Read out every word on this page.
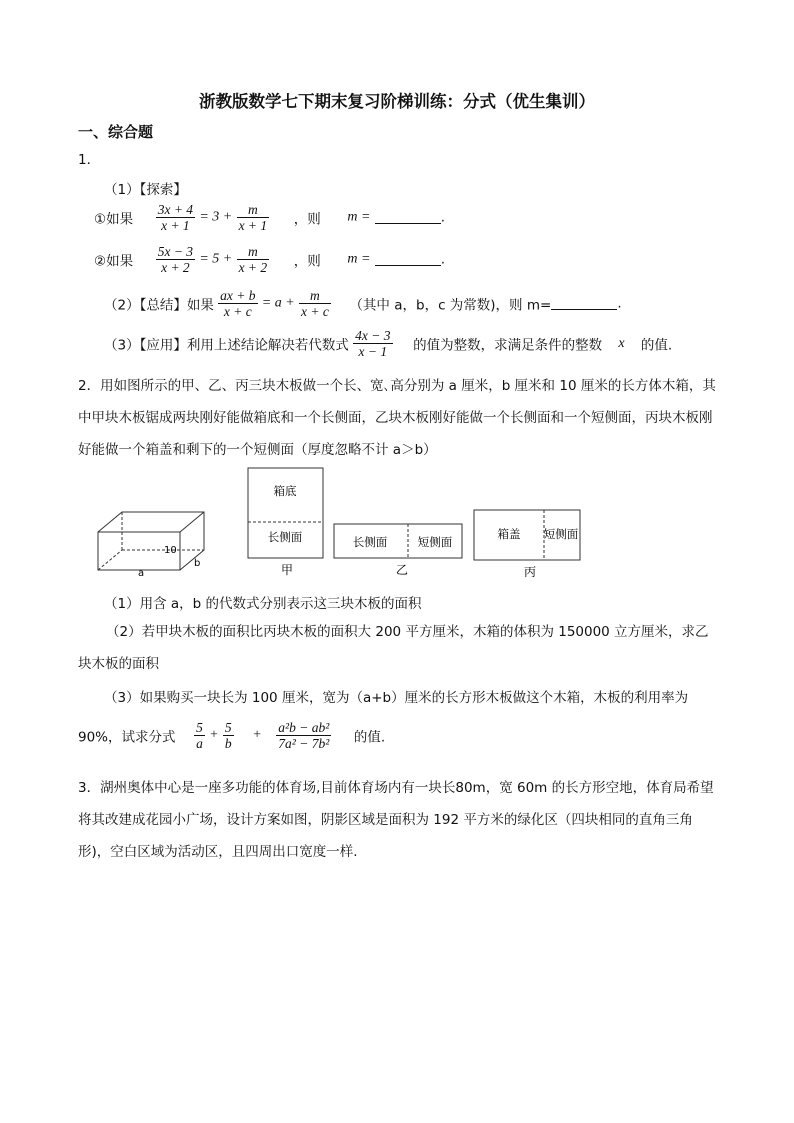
浙教版数学七下期末复习阶梯训练：分式（优生集训）
一、综合题
1．
（1）【探索】
①如果 $\frac{3x + 4}{x + 1} = 3 + \frac{m}{x + 1}$ ，则 m =	.
②如果 $\frac{5x - 3}{x + 2} = 5 + \frac{m}{x + 2}$ ，则 m =	.
（2）【总结】如果 $\frac{ax + b}{x + c} = a + \frac{m}{x + c}$ （其中 a，b，c 为常数)，则 m=	.
（3）【应用】利用上述结论解决若代数式 $\frac{4x - 3}{x - 1}$ 的值为整数，求满足条件的整数 x 的值.
2．用如图所示的甲、乙、丙三块木板做一个长、宽､高分别为 a 厘米，b 厘米和 10 厘米的长方体木箱，其中甲块木板锯成两块刚好能做箱底和一个长侧面，乙块木板刚好能做一个长侧面和一个短侧面，丙块木板刚好能做一个箱盖和剩下的一个短侧面（厚度忽略不计 a＞b）
10
a
b
箱底
长侧面
甲
长侧面	短侧面
乙
箱盖 短侧面
丙
（1）用含 a，b 的代数式分别表示这三块木板的面积
（2）若甲块木板的面积比丙块木板的面积大 200 平方厘米，木箱的体积为 150000 立方厘米，求乙块木板的面积
（3）如果购买一块长为 100 厘米，宽为（a+b）厘米的长方形木板做这个木箱，木板的利用率为
90%，试求分式 $\frac{5}{a} + \frac{5}{b} + \frac{\text{a²b − ab²}}{\text{7a² − 7b²}}$ 的值.
3．湖州奥体中心是一座多功能的体育场,目前体育场内有一块长80m，宽 60m 的长方形空地，体育局希望将其改建成花园小广场，设计方案如图，阴影区域是面积为 192 平方米的绿化区（四块相同的直角三角形)，空白区域为活动区，且四周出口宽度一样.
